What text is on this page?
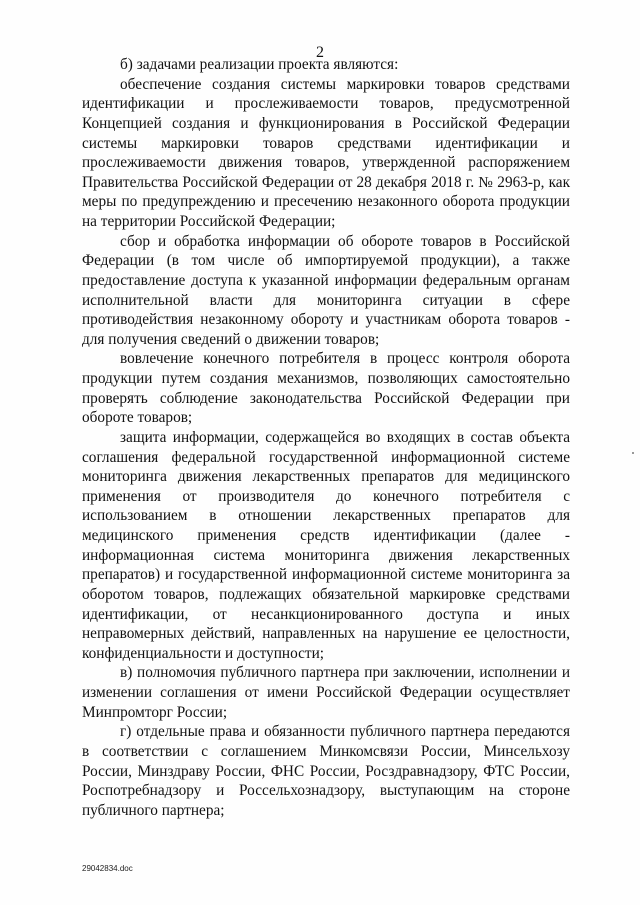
2

б) задачами реализации проекта являются:

обеспечение создания системы маркировки товаров средствами идентификации и прослеживаемости товаров, предусмотренной Концепцией создания и функционирования в Российской Федерации системы маркировки товаров средствами идентификации и прослеживаемости движения товаров, утвержденной распоряжением Правительства Российской Федерации от 28 декабря 2018 г. № 2963-р, как меры по предупреждению и пресечению незаконного оборота продукции на территории Российской Федерации;

сбор и обработка информации об обороте товаров в Российской Федерации (в том числе об импортируемой продукции), а также предоставление доступа к указанной информации федеральным органам исполнительной власти для мониторинга ситуации в сфере противодействия незаконному обороту и участникам оборота товаров - для получения сведений о движении товаров;

вовлечение конечного потребителя в процесс контроля оборота продукции путем создания механизмов, позволяющих самостоятельно проверять соблюдение законодательства Российской Федерации при обороте товаров;

защита информации, содержащейся во входящих в состав объекта соглашения федеральной государственной информационной системе мониторинга движения лекарственных препаратов для медицинского применения от производителя до конечного потребителя с использованием в отношении лекарственных препаратов для медицинского применения средств идентификации (далее - информационная система мониторинга движения лекарственных препаратов) и государственной информационной системе мониторинга за оборотом товаров, подлежащих обязательной маркировке средствами идентификации, от несанкционированного доступа и иных неправомерных действий, направленных на нарушение ее целостности, конфиденциальности и доступности;

в) полномочия публичного партнера при заключении, исполнении и изменении соглашения от имени Российской Федерации осуществляет Минпромторг России;

г) отдельные права и обязанности публичного партнера передаются в соответствии с соглашением Минкомсвязи России, Минсельхозу России, Минздраву России, ФНС России, Росздравнадзору, ФТС России, Роспотребнадзору и Россельхознадзору, выступающим на стороне публичного партнера;

29042834.doc
